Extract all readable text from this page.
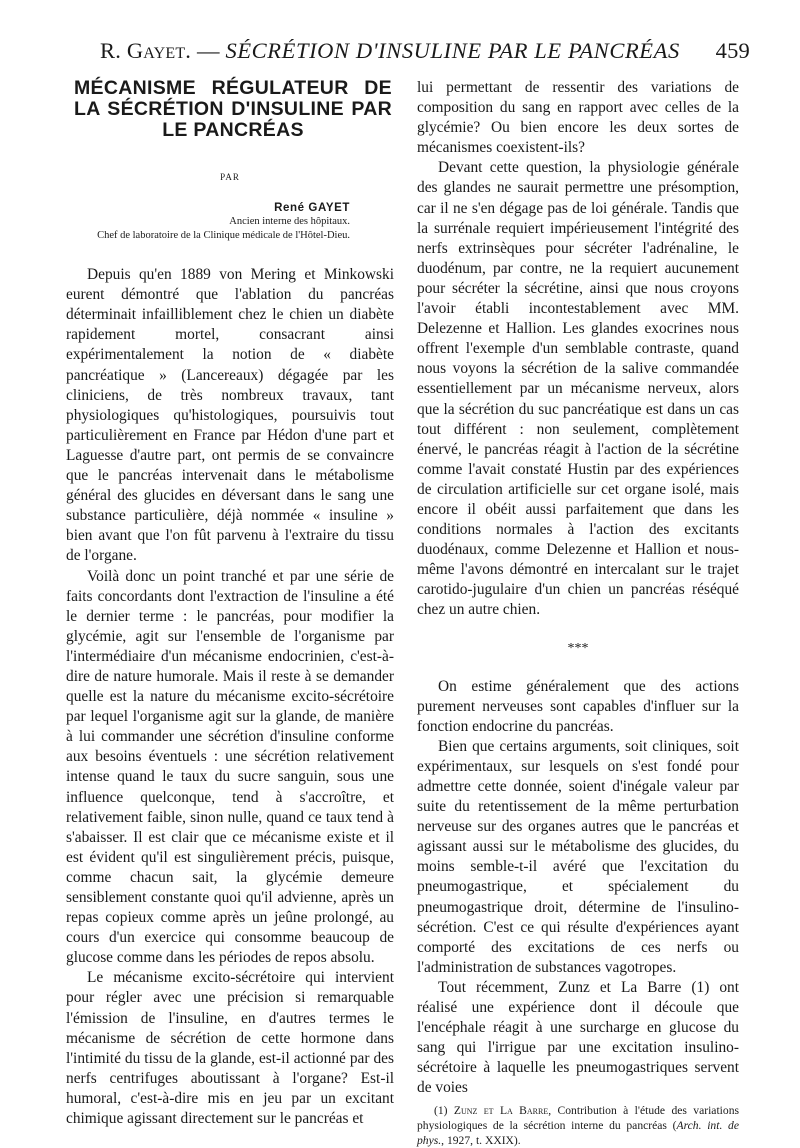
R. Gayet. — SÉCRÉTION D'INSULINE PAR LE PANCRÉAS 459
MÉCANISME RÉGULATEUR DE LA SÉCRÉTION D'INSULINE PAR LE PANCRÉAS
PAR
René GAYET
Ancien interne des hôpitaux.
Chef de laboratoire de la Clinique médicale de l'Hôtel-Dieu.

Depuis qu'en 1889 von Mering et Minkowski eurent démontré que l'ablation du pancréas déterminait infailliblement chez le chien un diabète rapidement mortel, consacrant ainsi expérimentalement la notion de « diabète pancréatique » (Lancereaux) dégagée par les cliniciens, de très nombreux travaux, tant physiologiques qu'histologiques, poursuivis tout particulièrement en France par Hédon d'une part et Laguesse d'autre part, ont permis de se convaincre que le pancréas intervenait dans le métabolisme général des glucides en déversant dans le sang une substance particulière, déjà nommée « insuline » bien avant que l'on fût parvenu à l'extraire du tissu de l'organe.

Voilà donc un point tranché et par une série de faits concordants dont l'extraction de l'insuline a été le dernier terme : le pancréas, pour modifier la glycémie, agit sur l'ensemble de l'organisme par l'intermédiaire d'un mécanisme endocrinien, c'est-à-dire de nature humorale. Mais il reste à se demander quelle est la nature du mécanisme excito-sécrétoire par lequel l'organisme agit sur la glande, de manière à lui commander une sécrétion d'insuline conforme aux besoins éventuels : une sécrétion relativement intense quand le taux du sucre sanguin, sous une influence quelconque, tend à s'accroître, et relativement faible, sinon nulle, quand ce taux tend à s'abaisser. Il est clair que ce mécanisme existe et il est évident qu'il est singulièrement précis, puisque, comme chacun sait, la glycémie demeure sensiblement constante quoi qu'il advienne, après un repas copieux comme après un jeûne prolongé, au cours d'un exercice qui consomme beaucoup de glucose comme dans les périodes de repos absolu.

Le mécanisme excito-sécrétoire qui intervient pour régler avec une précision si remarquable l'émission de l'insuline, en d'autres termes le mécanisme de sécrétion de cette hormone dans l'intimité du tissu de la glande, est-il actionné par des nerfs centrifuges aboutissant à l'organe? Est-il humoral, c'est-à-dire mis en jeu par un excitant chimique agissant directement sur le pancréas et

lui permettant de ressentir des variations de composition du sang en rapport avec celles de la glycémie? Ou bien encore les deux sortes de mécanismes coexistent-ils?

Devant cette question, la physiologie générale des glandes ne saurait permettre une présomption, car il ne s'en dégage pas de loi générale. Tandis que la surrénale requiert impérieusement l'intégrité des nerfs extrinsèques pour sécréter l'adrénaline, le duodénum, par contre, ne la requiert aucunement pour sécréter la sécrétine, ainsi que nous croyons l'avoir établi incontestablement avec MM. Delezenne et Hallion. Les glandes exocrines nous offrent l'exemple d'un semblable contraste, quand nous voyons la sécrétion de la salive commandée essentiellement par un mécanisme nerveux, alors que la sécrétion du suc pancréatique est dans un cas tout différent : non seulement, complètement énervé, le pancréas réagit à l'action de la sécrétine comme l'avait constaté Hustin par des expériences de circulation artificielle sur cet organe isolé, mais encore il obéit aussi parfaitement que dans les conditions normales à l'action des excitants duodénaux, comme Delezenne et Hallion et nous-même l'avons démontré en intercalant sur le trajet carotido-jugulaire d'un chien un pancréas réséqué chez un autre chien.

***

On estime généralement que des actions purement nerveuses sont capables d'influer sur la fonction endocrine du pancréas.

Bien que certains arguments, soit cliniques, soit expérimentaux, sur lesquels on s'est fondé pour admettre cette donnée, soient d'inégale valeur par suite du retentissement de la même perturbation nerveuse sur des organes autres que le pancréas et agissant aussi sur le métabolisme des glucides, du moins semble-t-il avéré que l'excitation du pneumogastrique, et spécialement du pneumogastrique droit, détermine de l'insulino-sécrétion. C'est ce qui résulte d'expériences ayant comporté des excitations de ces nerfs ou l'administration de substances vagotropes.

Tout récemment, Zunz et La Barre (1) ont réalisé une expérience dont il découle que l'encéphale réagit à une surcharge en glucose du sang qui l'irrigue par une excitation insulino-sécrétoire à laquelle les pneumogastriques servent de voies

(1) Zunz et La Barre, Contribution à l'étude des variations physiologiques de la sécrétion interne du pancréas (Arch. int. de phys., 1927, t. XXIX).
